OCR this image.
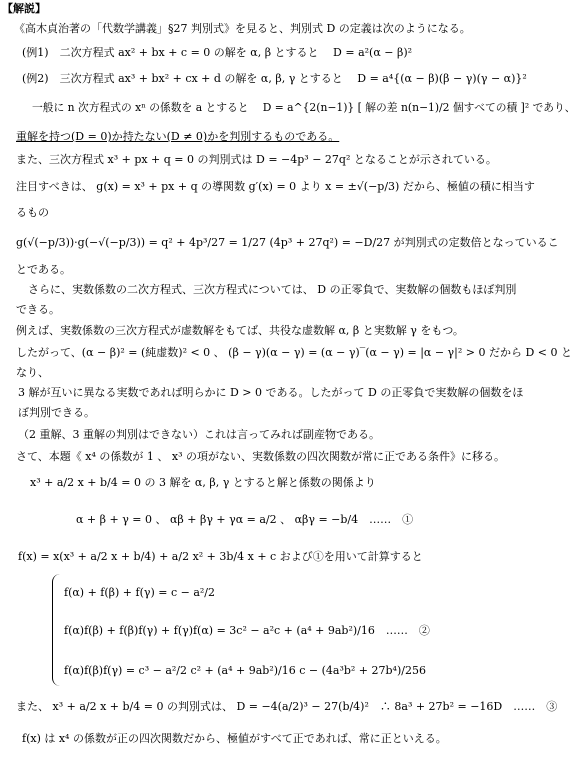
【解説】
《高木貞治著の「代数学講義」§27 判別式》を見ると、判別式 D の定義は次のようになる。
(例1)　二次方程式 ax² + bx + c = 0 の解を α, β とすると　 D = a²(α − β)²
(例2)　三次方程式 ax³ + bx² + cx + d の解を α, β, γ とすると　 D = a⁴{(α − β)(β − γ)(γ − α)}²
一般に n 次方程式の xⁿ の係数を a とすると　 D = a^{2(n−1)} [ 解の差 n(n−1)/2 個すべての積 ]² であり、
重解を持つ(D = 0)か持たない(D ≠ 0)かを判別するものである。
また、三次方程式 x³ + px + q = 0 の判別式は D = −4p³ − 27q² となることが示されている。
注目すべきは、 g(x) = x³ + px + q の導関数 g′(x) = 0 より x = ±√(−p/3) だから、極値の積に相当す
るもの
g(√(−p/3))·g(−√(−p/3)) = q² + 4p³/27 = 1/27 (4p³ + 27q²) = −D/27 が判別式の定数倍となっているこ
とである。
さらに、実数係数の二次方程式、三次方程式については、 D の正零負で、実数解の個数もほぼ判別
できる。
例えば、実数係数の三次方程式が虚数解をもてば、共役な虚数解 α, β と実数解 γ をもつ。
したがって、(α − β)² = (純虚数)² < 0 、 (β − γ)(α − γ) = (α − γ)‾(α − γ) = |α − γ|² > 0 だから D < 0 と
なり、
3 解が互いに異なる実数であれば明らかに D > 0 である。したがって D の正零負で実数解の個数をほ
ぼ判別できる。
（2 重解、3 重解の判別はできない）これは言ってみれば副産物である。
さて、本題《 x⁴ の係数が 1 、 x³ の項がない、実数係数の四次関数が常に正である条件》に移る。
x³ + a/2 x + b/4 = 0 の 3 解を α, β, γ とすると解と係数の関係より
α + β + γ = 0 、 αβ + βγ + γα = a/2 、 αβγ = −b/4　……　①
f(x) = x(x³ + a/2 x + b/4) + a/2 x² + 3b/4 x + c および①を用いて計算すると
f(α) + f(β) + f(γ) = c − a²/2
f(α)f(β) + f(β)f(γ) + f(γ)f(α) = 3c² − a²c + (a⁴ + 9ab²)/16　……　②
f(α)f(β)f(γ) = c³ − a²/2 c² + (a⁴ + 9ab²)/16 c − (4a³b² + 27b⁴)/256
また、 x³ + a/2 x + b/4 = 0 の判別式は、 D = −4(a/2)³ − 27(b/4)²　∴ 8a³ + 27b² = −16D　……　③
f(x) は x⁴ の係数が正の四次関数だから、極値がすべて正であれば、常に正といえる。
